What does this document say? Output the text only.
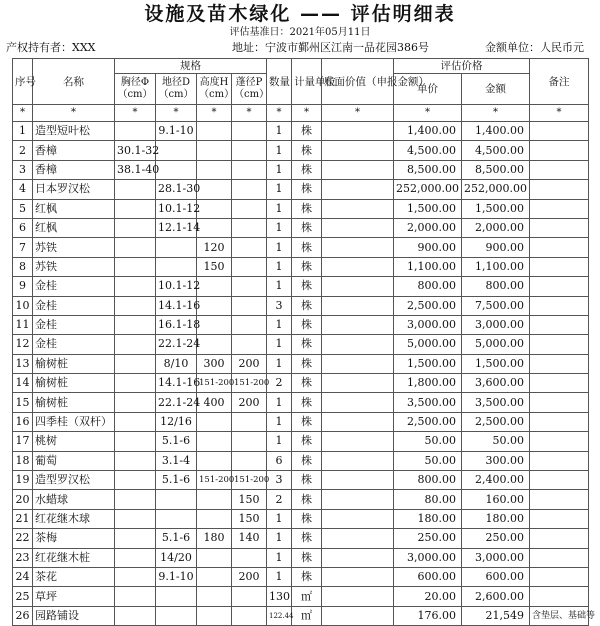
设施及苗木绿化 —— 评估明细表
评估基准日：2021年05月11日
产权持有者：XXX	地址：宁波市鄞州区江南一品花园386号	金额单位：人民币元
序号	名称	规格				数量	计量单位	账面价值（申报金额）	评估价格		备注
		胸径Φ（cm）	地径D（cm）	高度H（cm）	蓬径P（cm）				单价	金额	
*	*	*	*	*	*	*	*	*	*	*	*
1	造型短叶松		9.1-10			1	株		1,400.00	1,400.00	
2	香樟	30.1-32				1	株		4,500.00	4,500.00	
3	香樟	38.1-40				1	株		8,500.00	8,500.00	
4	日本罗汉松		28.1-30			1	株		252,000.00	252,000.00	
5	红枫		10.1-12			1	株		1,500.00	1,500.00	
6	红枫		12.1-14			1	株		2,000.00	2,000.00	
7	苏铁			120		1	株		900.00	900.00	
8	苏铁			150		1	株		1,100.00	1,100.00	
9	金桂		10.1-12			1	株		800.00	800.00	
10	金桂		14.1-16			3	株		2,500.00	7,500.00	
11	金桂		16.1-18			1	株		3,000.00	3,000.00	
12	金桂		22.1-24			1	株		5,000.00	5,000.00	
13	榆树桩		8/10	300	200	1	株		1,500.00	1,500.00	
14	榆树桩		14.1-16	151-200	151-200	2	株		1,800.00	3,600.00	
15	榆树桩		22.1-24	400	200	1	株		3,500.00	3,500.00	
16	四季桂（双杆）		12/16			1	株		2,500.00	2,500.00	
17	桃树		5.1-6			1	株		50.00	50.00	
18	葡萄		3.1-4			6	株		50.00	300.00	
19	造型罗汉松		5.1-6	151-200	151-200	3	株		800.00	2,400.00	
20	水蜡球				150	2	株		80.00	160.00	
21	红花继木球				150	1	株		180.00	180.00	
22	茶梅		5.1-6	180	140	1	株		250.00	250.00	
23	红花继木桩		14/20			1	株		3,000.00	3,000.00	
24	茶花		9.1-10		200	1	株		600.00	600.00	
25	草坪					130	㎡		20.00	2,600.00	
26	园路铺设					122.44	㎡		176.00	21,549	含垫层、基础等
